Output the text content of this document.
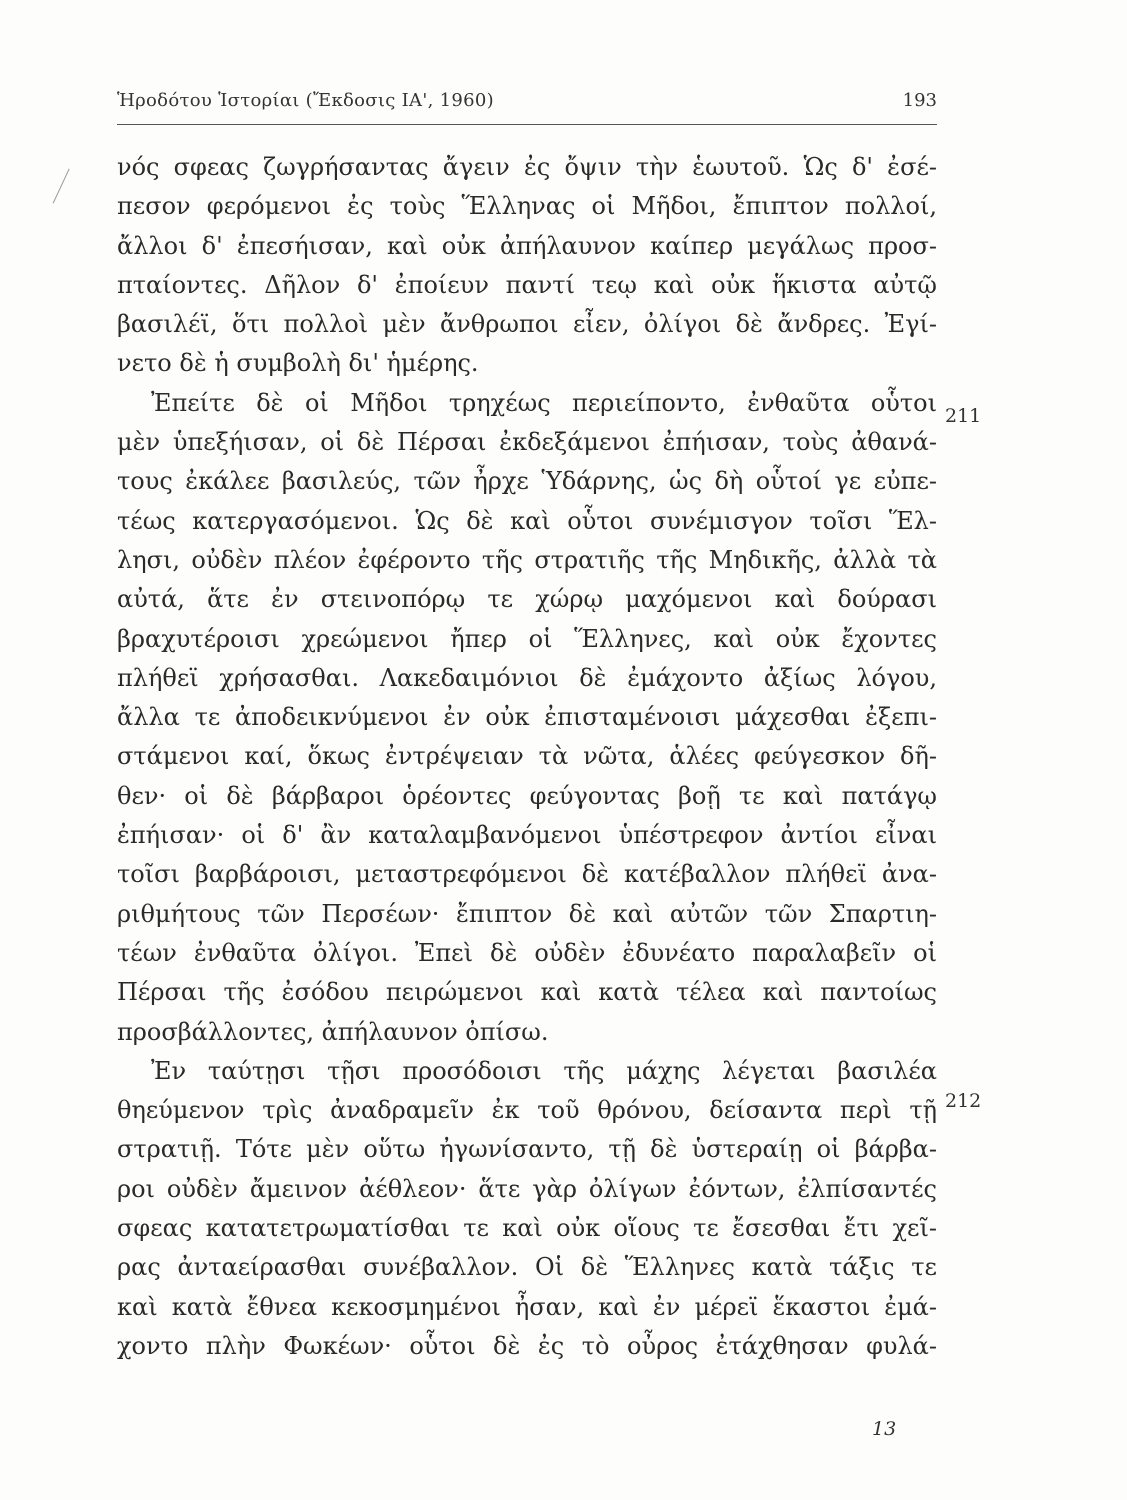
Ἡροδότου Ἱστορίαι (Ἔκδοσις ΙΑ', 1960)	193
νός σφεας ζωγρήσαντας ἄγειν ἐς ὄψιν τὴν ἑωυτοῦ. Ὡς δ' ἐσέ-
πεσον φερόμενοι ἐς τοὺς Ἕλληνας οἱ Μῆδοι, ἔπιπτον πολλοί,
ἄλλοι δ' ἐπεσήισαν, καὶ οὐκ ἀπήλαυνον καίπερ μεγάλως προσ-
πταίοντες. Δῆλον δ' ἐποίευν παντί τεῳ καὶ οὐκ ἥκιστα αὐτῷ
βασιλέϊ, ὅτι πολλοὶ μὲν ἄνθρωποι εἶεν, ὀλίγοι δὲ ἄνδρες. Ἐγί-
νετο δὲ ἡ συμβολὴ δι' ἡμέρης.
Ἐπείτε δὲ οἱ Μῆδοι τρηχέως περιείποντο, ἐνθαῦτα οὗτοι
μὲν ὑπεξήισαν, οἱ δὲ Πέρσαι ἐκδεξάμενοι ἐπήισαν, τοὺς ἀθανά-
τους ἐκάλεε βασιλεύς, τῶν ἦρχε Ὑδάρνης, ὡς δὴ οὗτοί γε εὐπε-
τέως κατεργασόμενοι. Ὡς δὲ καὶ οὗτοι συνέμισγον τοῖσι Ἕλ-
λησι, οὐδὲν πλέον ἐφέροντο τῆς στρατιῆς τῆς Μηδικῆς, ἀλλὰ τὰ
αὐτά, ἅτε ἐν στεινοπόρῳ τε χώρῳ μαχόμενοι καὶ δούρασι
βραχυτέροισι χρεώμενοι ἤπερ οἱ Ἕλληνες, καὶ οὐκ ἔχοντες
πλήθεϊ χρήσασθαι. Λακεδαιμόνιοι δὲ ἐμάχοντο ἀξίως λόγου,
ἄλλα τε ἀποδεικνύμενοι ἐν οὐκ ἐπισταμένοισι μάχεσθαι ἐξεπι-
στάμενοι καί, ὅκως ἐντρέψειαν τὰ νῶτα, ἁλέες φεύγεσκον δῆ-
θεν· οἱ δὲ βάρβαροι ὁρέοντες φεύγοντας βοῇ τε καὶ πατάγῳ
ἐπήισαν· οἱ δ' ἂν καταλαμβανόμενοι ὑπέστρεφον ἀντίοι εἶναι
τοῖσι βαρβάροισι, μεταστρεφόμενοι δὲ κατέβαλλον πλήθεϊ ἀνα-
ριθμήτους τῶν Περσέων· ἔπιπτον δὲ καὶ αὐτῶν τῶν Σπαρτιη-
τέων ἐνθαῦτα ὀλίγοι. Ἐπεὶ δὲ οὐδὲν ἐδυνέατο παραλαβεῖν οἱ
Πέρσαι τῆς ἐσόδου πειρώμενοι καὶ κατὰ τέλεα καὶ παντοίως
προσβάλλοντες, ἀπήλαυνον ὀπίσω.
Ἐν ταύτῃσι τῇσι προσόδοισι τῆς μάχης λέγεται βασιλέα
θηεύμενον τρὶς ἀναδραμεῖν ἐκ τοῦ θρόνου, δείσαντα περὶ τῇ
στρατιῇ. Τότε μὲν οὕτω ἠγωνίσαντο, τῇ δὲ ὑστεραίῃ οἱ βάρβα-
ροι οὐδὲν ἄμεινον ἀέθλεον· ἅτε γὰρ ὀλίγων ἐόντων, ἐλπίσαντές
σφεας κατατετρωματίσθαι τε καὶ οὐκ οἵους τε ἔσεσθαι ἔτι χεῖ-
ρας ἀνταείρασθαι συνέβαλλον. Οἱ δὲ Ἕλληνες κατὰ τάξις τε
καὶ κατὰ ἔθνεα κεκοσμημένοι ἦσαν, καὶ ἐν μέρεϊ ἕκαστοι ἐμά-
χοντο πλὴν Φωκέων· οὗτοι δὲ ἐς τὸ οὖρος ἐτάχθησαν φυλά-
211
212
13
